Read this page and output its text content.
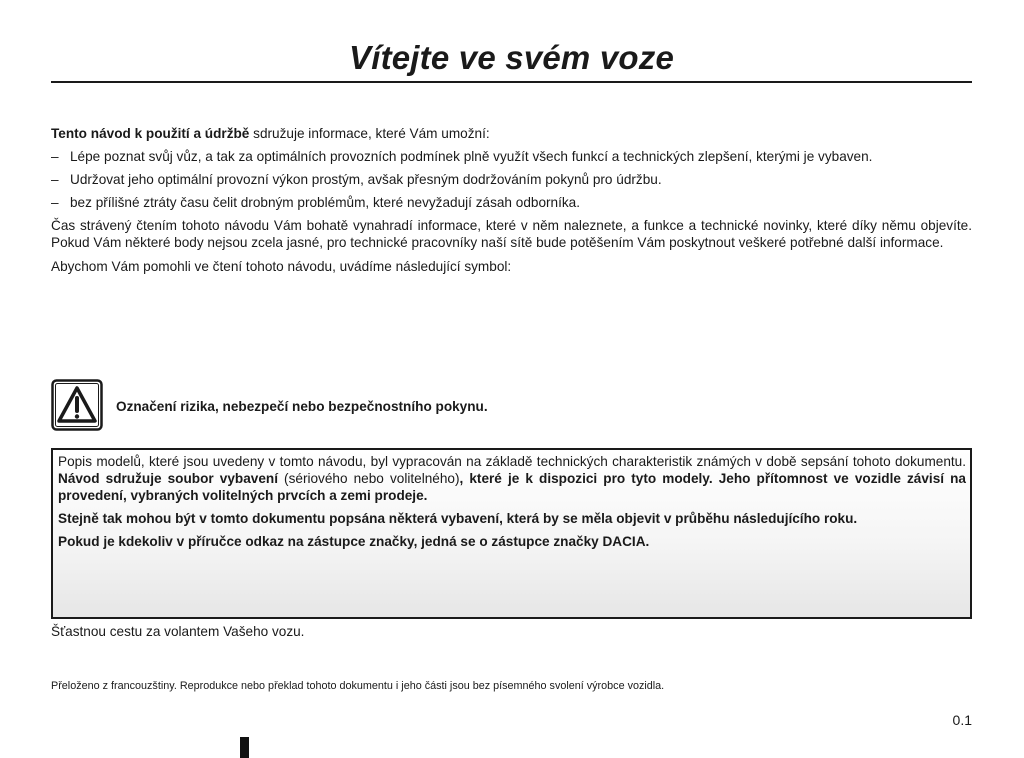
Vítejte ve svém voze

Tento návod k použití a údržbě sdružuje informace, které Vám umožní:

– Lépe poznat svůj vůz, a tak za optimálních provozních podmínek plně využít všech funkcí a technických zlepšení, kterými je vybaven.
– Udržovat jeho optimální provozní výkon prostým, avšak přesným dodržováním pokynů pro údržbu.
– bez přílišné ztráty času čelit drobným problémům, které nevyžadují zásah odborníka.

Čas strávený čtením tohoto návodu Vám bohatě vynahradí informace, které v něm naleznete, a funkce a technické novinky, které díky němu objevíte. Pokud Vám některé body nejsou zcela jasné, pro technické pracovníky naší sítě bude potěšením Vám poskytnout veškeré potřebné další informace.

Abychom Vám pomohli ve čtení tohoto návodu, uvádíme následující symbol:

Označení rizika, nebezpečí nebo bezpečnostního pokynu.

Popis modelů, které jsou uvedeny v tomto návodu, byl vypracován na základě technických charakteristik známých v době sepsání tohoto dokumentu. Návod sdružuje soubor vybavení (sériového nebo volitelného), které je k dispozici pro tyto modely. Jeho přítomnost ve vozidle závisí na provedení, vybraných volitelných prvcích a zemi prodeje.

Stejně tak mohou být v tomto dokumentu popsána některá vybavení, která by se měla objevit v průběhu následujícího roku.

Pokud je kdekoliv v příručce odkaz na zástupce značky, jedná se o zástupce značky DACIA.

Šťastnou cestu za volantem Vašeho vozu.
Přeloženo z francouzštiny. Reprodukce nebo překlad tohoto dokumentu i jeho části jsou bez písemného svolení výrobce vozidla.
0.1
